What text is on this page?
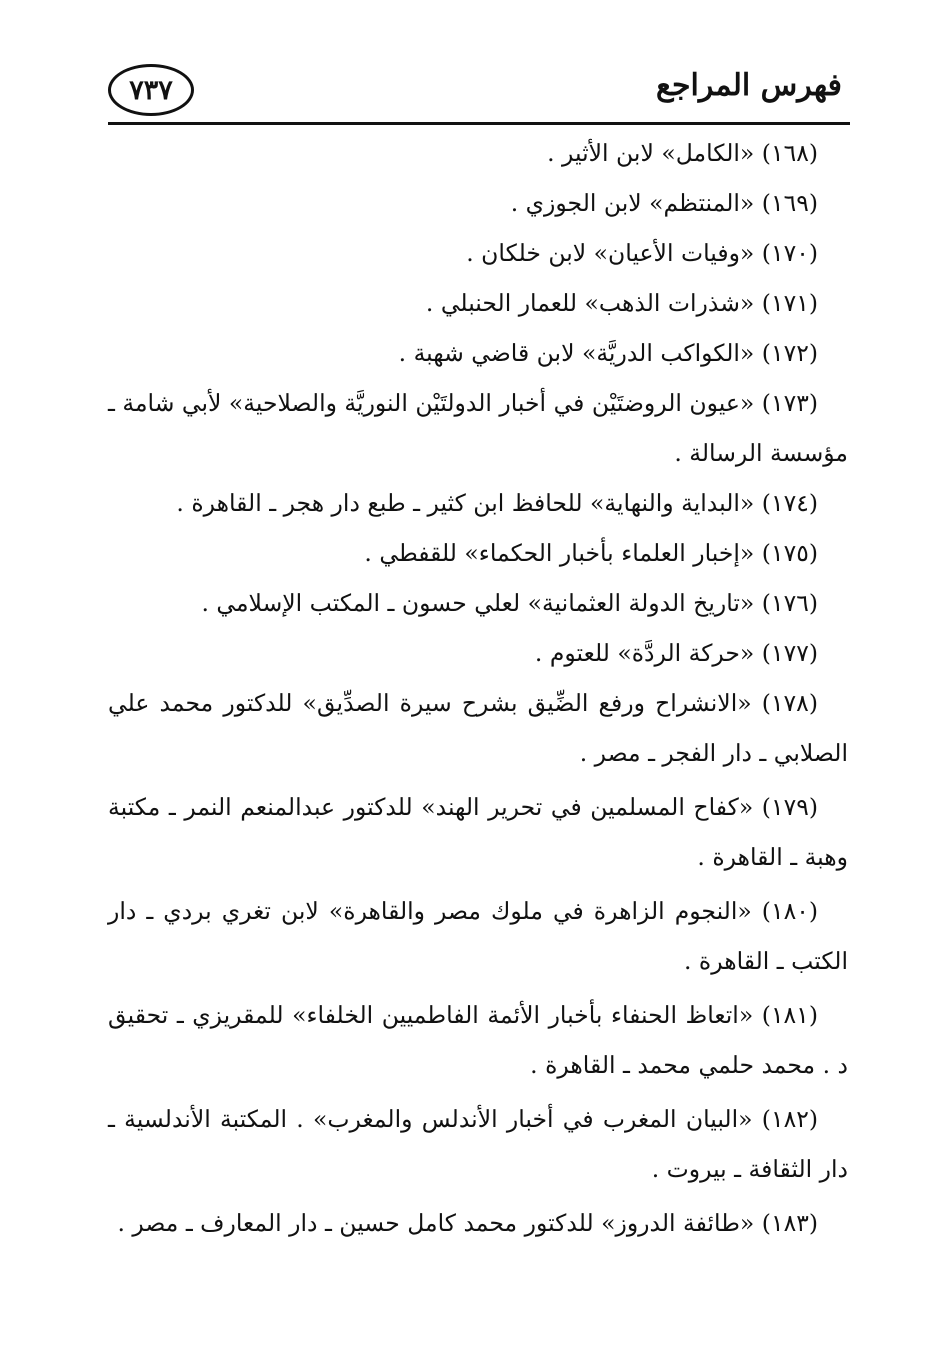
فهرس المراجع
٧٣٧
(١٦٨) «الكامل» لابن الأثير .
(١٦٩) «المنتظم» لابن الجوزي .
(١٧٠) «وفيات الأعيان» لابن خلكان .
(١٧١) «شذرات الذهب» للعمار الحنبلي .
(١٧٢) «الكواكب الدريَّة» لابن قاضي شهبة .
(١٧٣) «عيون الروضتَيْن في أخبار الدولتَيْن النوريَّة والصلاحية» لأبي شامة ـ مؤسسة الرسالة .
(١٧٤) «البداية والنهاية» للحافظ ابن كثير ـ طبع دار هجر ـ القاهرة .
(١٧٥) «إخبار العلماء بأخبار الحكماء» للقفطي .
(١٧٦) «تاريخ الدولة العثمانية» لعلي حسون ـ المكتب الإسلامي .
(١٧٧) «حركة الردَّة» للعتوم .
(١٧٨) «الانشراح ورفع الضِّيق بشرح سيرة الصدِّيق» للدكتور محمد علي الصلابي ـ دار الفجر ـ مصر .
(١٧٩) «كفاح المسلمين في تحرير الهند» للدكتور عبدالمنعم النمر ـ مكتبة وهبة ـ القاهرة .
(١٨٠) «النجوم الزاهرة في ملوك مصر والقاهرة» لابن تغري بردي ـ دار الكتب ـ القاهرة .
(١٨١) «اتعاظ الحنفاء بأخبار الأئمة الفاطميين الخلفاء» للمقريزي ـ تحقيق د . محمد حلمي محمد ـ القاهرة .
(١٨٢) «البيان المغرب في أخبار الأندلس والمغرب» . المكتبة الأندلسية ـ دار الثقافة ـ بيروت .
(١٨٣) «طائفة الدروز» للدكتور محمد كامل حسين ـ دار المعارف ـ مصر .
